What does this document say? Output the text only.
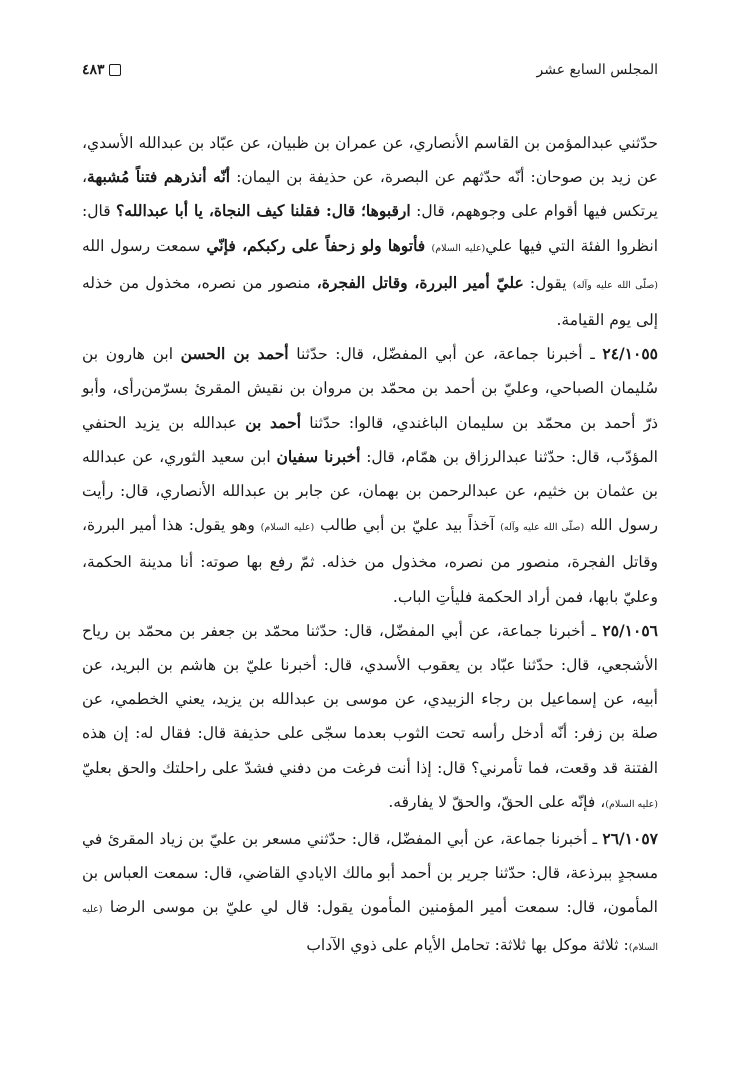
المجلس السابع عشر
٤٨٣

حدّثني عبدالمؤمن بن القاسم الأنصاري، عن عمران بن ظبيان، عن عبّاد بن عبدالله الأسدي، عن زيد بن صوحان: أنّه حدّثهم عن البصرة، عن حذيفة بن اليمان: أنّه أنذرهم فتناً مُشبهة، يرتكس فيها أقوام على وجوههم، قال: ارقبوها؛ قال: فقلنا كيف النجاة، يا أبا عبدالله؟ قال: انظروا الفئة التي فيها علي(عليه السلام) فأتوها ولو زحفاً على ركبكم، فإنّي سمعت رسول الله (صلّى الله عليه وآله) يقول: عليّ أمير البررة، وقاتل الفجرة، منصور من نصره، مخذول من خذله إلى يوم القيامة.

٢٤/١٠٥٥ ـ أخبرنا جماعة، عن أبي المفضّل، قال: حدّثنا أحمد بن الحسن ابن هارون بن سُليمان الصباحي، وعليّ بن أحمد بن محمّد بن مروان بن نقيش المقرئ بسرّمن‌رأى، وأبو ذرّ أحمد بن محمّد بن سليمان الباغندي، قالوا: حدّثنا أحمد بن عبدالله بن يزيد الحنفي المؤدّب، قال: حدّثنا عبدالرزاق بن همّام، قال: أخبرنا سفيان ابن سعيد الثوري، عن عبدالله بن عثمان بن خثيم، عن عبدالرحمن بن بهمان، عن جابر بن عبدالله الأنصاري، قال: رأيت رسول الله (صلّى الله عليه وآله) آخذاً بيد عليّ بن أبي طالب (عليه السلام) وهو يقول: هذا أمير البررة، وقاتل الفجرة، منصور من نصره، مخذول من خذله. ثمّ رفع بها صوته: أنا مدينة الحكمة، وعليّ بابها، فمن أراد الحكمة فليأتِ الباب.

٢٥/١٠٥٦ ـ أخبرنا جماعة، عن أبي المفضّل، قال: حدّثنا محمّد بن جعفر بن محمّد بن رياح الأشجعي، قال: حدّثنا عبّاد بن يعقوب الأسدي، قال: أخبرنا عليّ بن هاشم بن البريد، عن أبيه، عن إسماعيل بن رجاء الزبيدي، عن موسى بن عبدالله بن يزيد، يعني الخطمي، عن صلة بن زفر: أنّه أدخل رأسه تحت الثوب بعدما سجّى على حذيفة قال: فقال له: إن هذه الفتنة قد وقعت، فما تأمرني؟ قال: إذا أنت فرغت من دفني فشدّ على راحلتك والحق بعليّ (عليه السلام)، فإنّه على الحقّ، والحقّ لا يفارقه.

٢٦/١٠٥٧ ـ أخبرنا جماعة، عن أبي المفضّل، قال: حدّثني مسعر بن عليّ بن زياد المقرئ في مسجدٍ ببرذعة، قال: حدّثنا جرير بن أحمد أبو مالك الايادي القاضي، قال: سمعت العباس بن المأمون، قال: سمعت أمير المؤمنين المأمون يقول: قال لي عليّ بن موسى الرضا (عليه السلام): ثلاثة موكل بها ثلاثة: تحامل الأيام على ذوي الآداب
